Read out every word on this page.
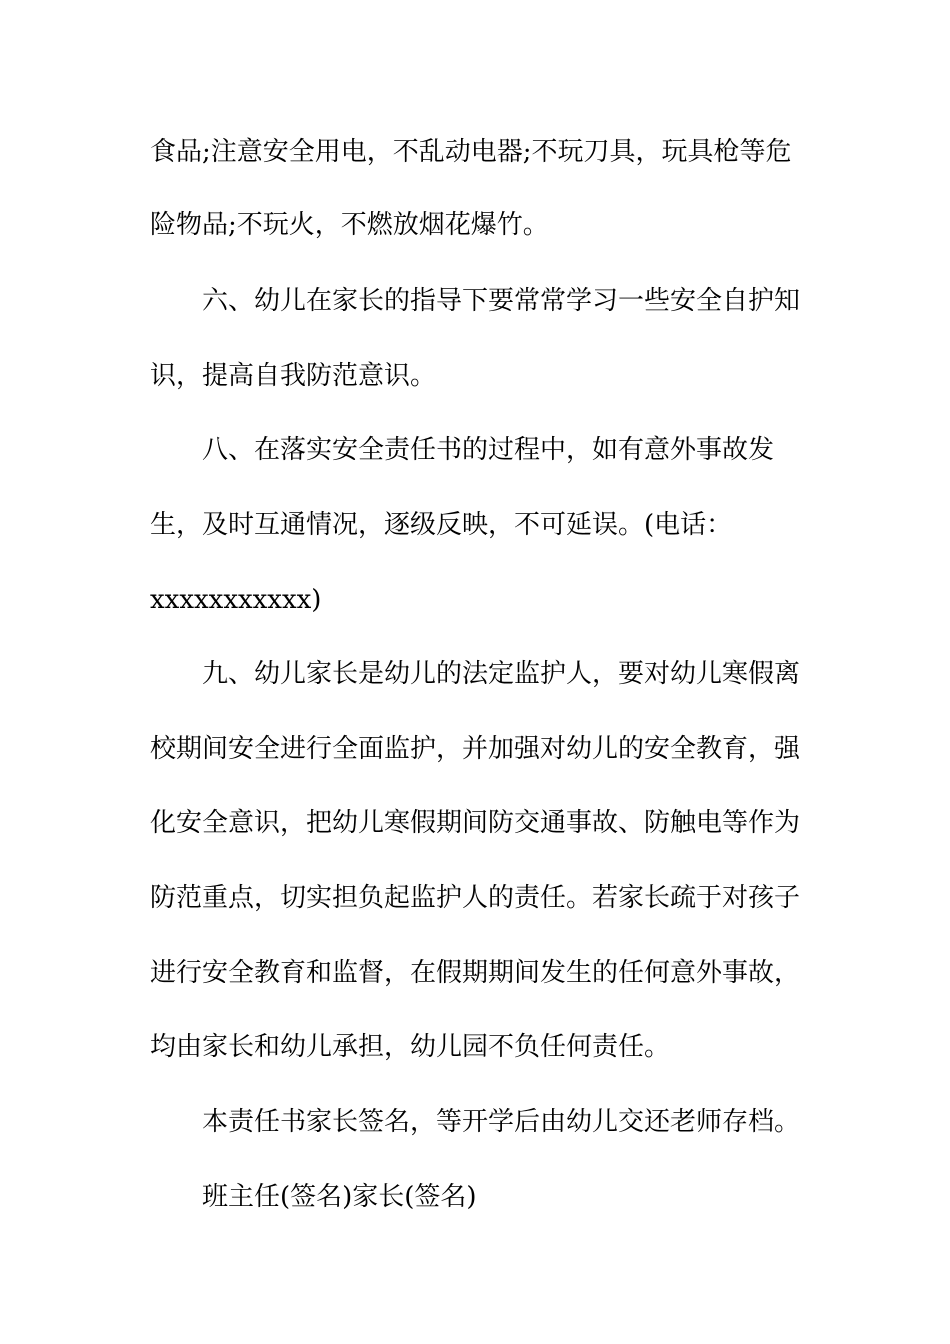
食品;注意安全用电，不乱动电器;不玩刀具，玩具枪等危
险物品;不玩火，不燃放烟花爆竹。
六、幼儿在家长的指导下要常常学习一些安全自护知
识，提高自我防范意识。
八、在落实安全责任书的过程中，如有意外事故发
生，及时互通情况，逐级反映，不可延误。(电话：
xxxxxxxxxxx)
九、幼儿家长是幼儿的法定监护人，要对幼儿寒假离
校期间安全进行全面监护，并加强对幼儿的安全教育，强
化安全意识，把幼儿寒假期间防交通事故、防触电等作为
防范重点，切实担负起监护人的责任。若家长疏于对孩子
进行安全教育和监督，在假期期间发生的任何意外事故，
均由家长和幼儿承担，幼儿园不负任何责任。
本责任书家长签名，等开学后由幼儿交还老师存档。
班主任(签名)家长(签名)
